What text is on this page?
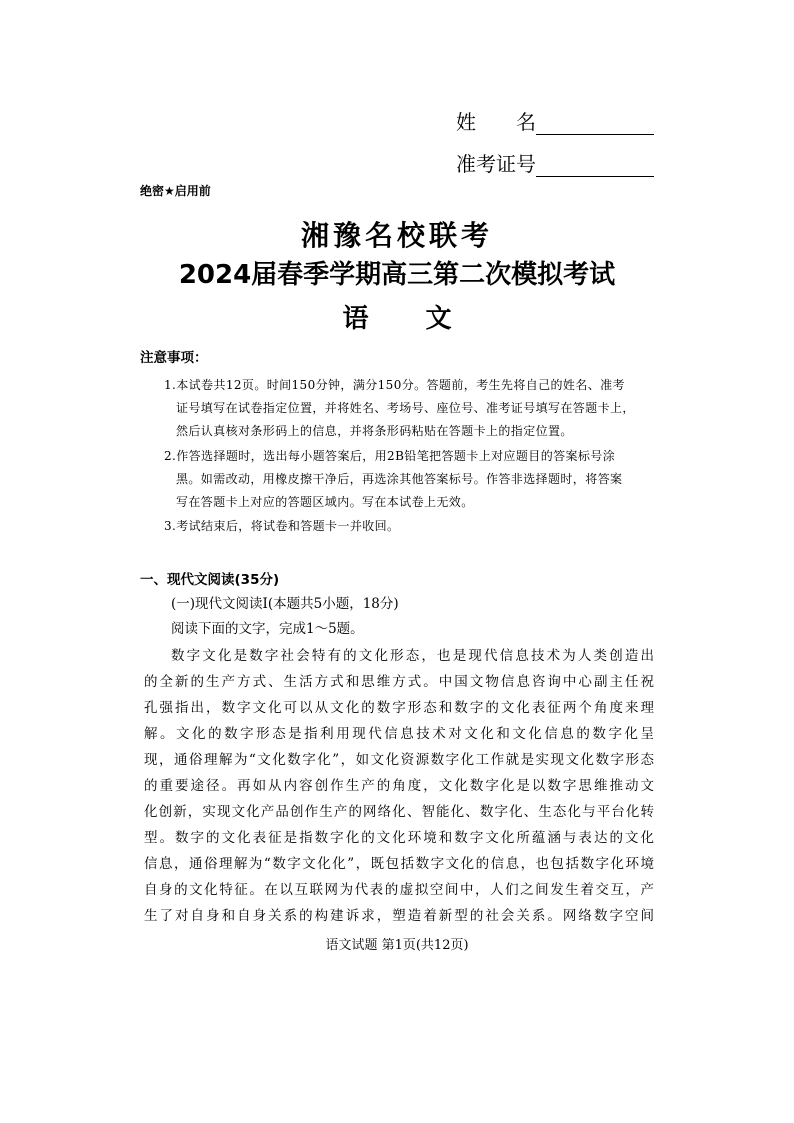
姓　　名
准考证号
绝密★启用前
湘豫名校联考
2024届春季学期高三第二次模拟考试
语 文
注意事项：
1.本试卷共12页。时间150分钟，满分150分。答题前，考生先将自己的姓名、准考
证号填写在试卷指定位置，并将姓名、考场号、座位号、准考证号填写在答题卡上，
然后认真核对条形码上的信息，并将条形码粘贴在答题卡上的指定位置。
2.作答选择题时，选出每小题答案后，用2B铅笔把答题卡上对应题目的答案标号涂
黑。如需改动，用橡皮擦干净后，再选涂其他答案标号。作答非选择题时，将答案
写在答题卡上对应的答题区域内。写在本试卷上无效。
3.考试结束后，将试卷和答题卡一并收回。
一、现代文阅读(35分)
(一)现代文阅读Ⅰ(本题共5小题，18分)
阅读下面的文字，完成1～5题。
数字文化是数字社会特有的文化形态，也是现代信息技术为人类创造出
的全新的生产方式、生活方式和思维方式。中国文物信息咨询中心副主任祝
孔强指出，数字文化可以从文化的数字形态和数字的文化表征两个角度来理
解。文化的数字形态是指利用现代信息技术对文化和文化信息的数字化呈
现，通俗理解为“文化数字化”，如文化资源数字化工作就是实现文化数字形态
的重要途径。再如从内容创作生产的角度，文化数字化是以数字思维推动文
化创新，实现文化产品创作生产的网络化、智能化、数字化、生态化与平台化转
型。数字的文化表征是指数字化的文化环境和数字文化所蕴涵与表达的文化
信息，通俗理解为“数字文化化”，既包括数字文化的信息，也包括数字化环境
自身的文化特征。在以互联网为代表的虚拟空间中，人们之间发生着交互，产
生了对自身和自身关系的构建诉求，塑造着新型的社会关系。网络数字空间
语文试题 第1页(共12页)
